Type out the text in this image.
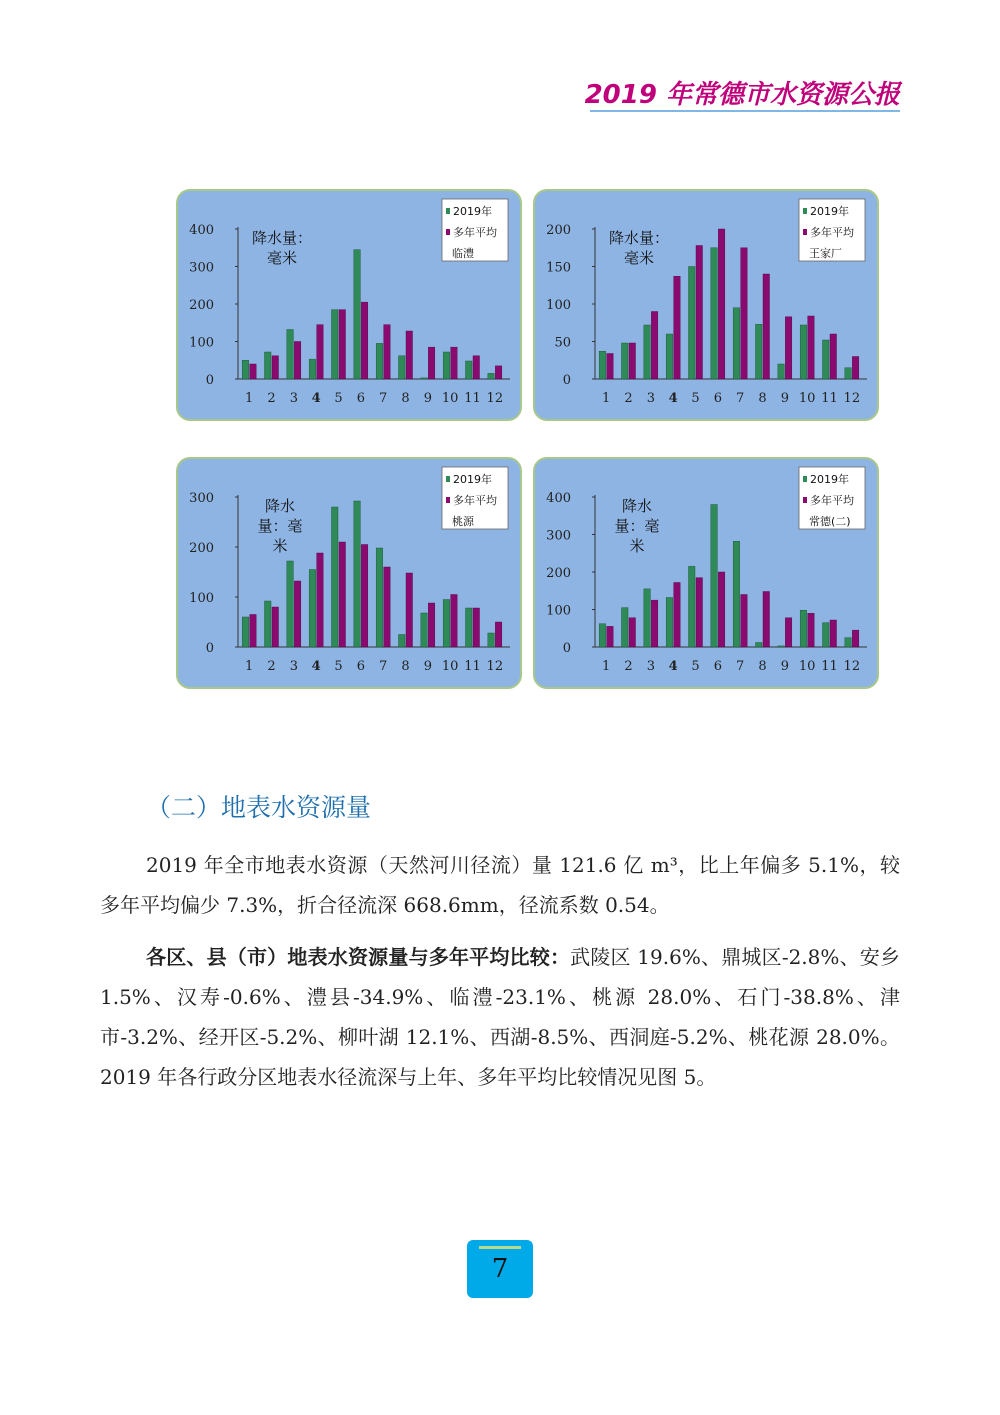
2019 年常德市水资源公报
0
100
200
300
400
1 2 3 4 5 6 7 8 9 10 11 12
降水量：
毫米
2019年
多年平均
临澧
0
50
100
150
200
1 2 3 4 5 6 7 8 9 10 11 12
降水量：
毫米
2019年
多年平均
王家厂
0
100
200
300
1 2 3 4 5 6 7 8 9 10 11 12
降水
量：毫
米
2019年
多年平均
桃源
0
100
200
300
400
1 2 3 4 5 6 7 8 9 10 11 12
降水
量：毫
米
2019年
多年平均
常德(二)
（二）地表水资源量

2019 年全市地表水资源（天然河川径流）量 121.6 亿 m³，比上年偏多 5.1%，较多年平均偏少 7.3%，折合径流深 668.6mm，径流系数 0.54。

各区、县（市）地表水资源量与多年平均比较：武陵区 19.6%、鼎城区-2.8%、安乡 1.5%、汉寿-0.6%、澧县-34.9%、临澧-23.1%、桃源 28.0%、石门-38.8%、津市-3.2%、经开区-5.2%、柳叶湖 12.1%、西湖-8.5%、西洞庭-5.2%、桃花源 28.0%。2019 年各行政分区地表水径流深与上年、多年平均比较情况见图 5。

7
